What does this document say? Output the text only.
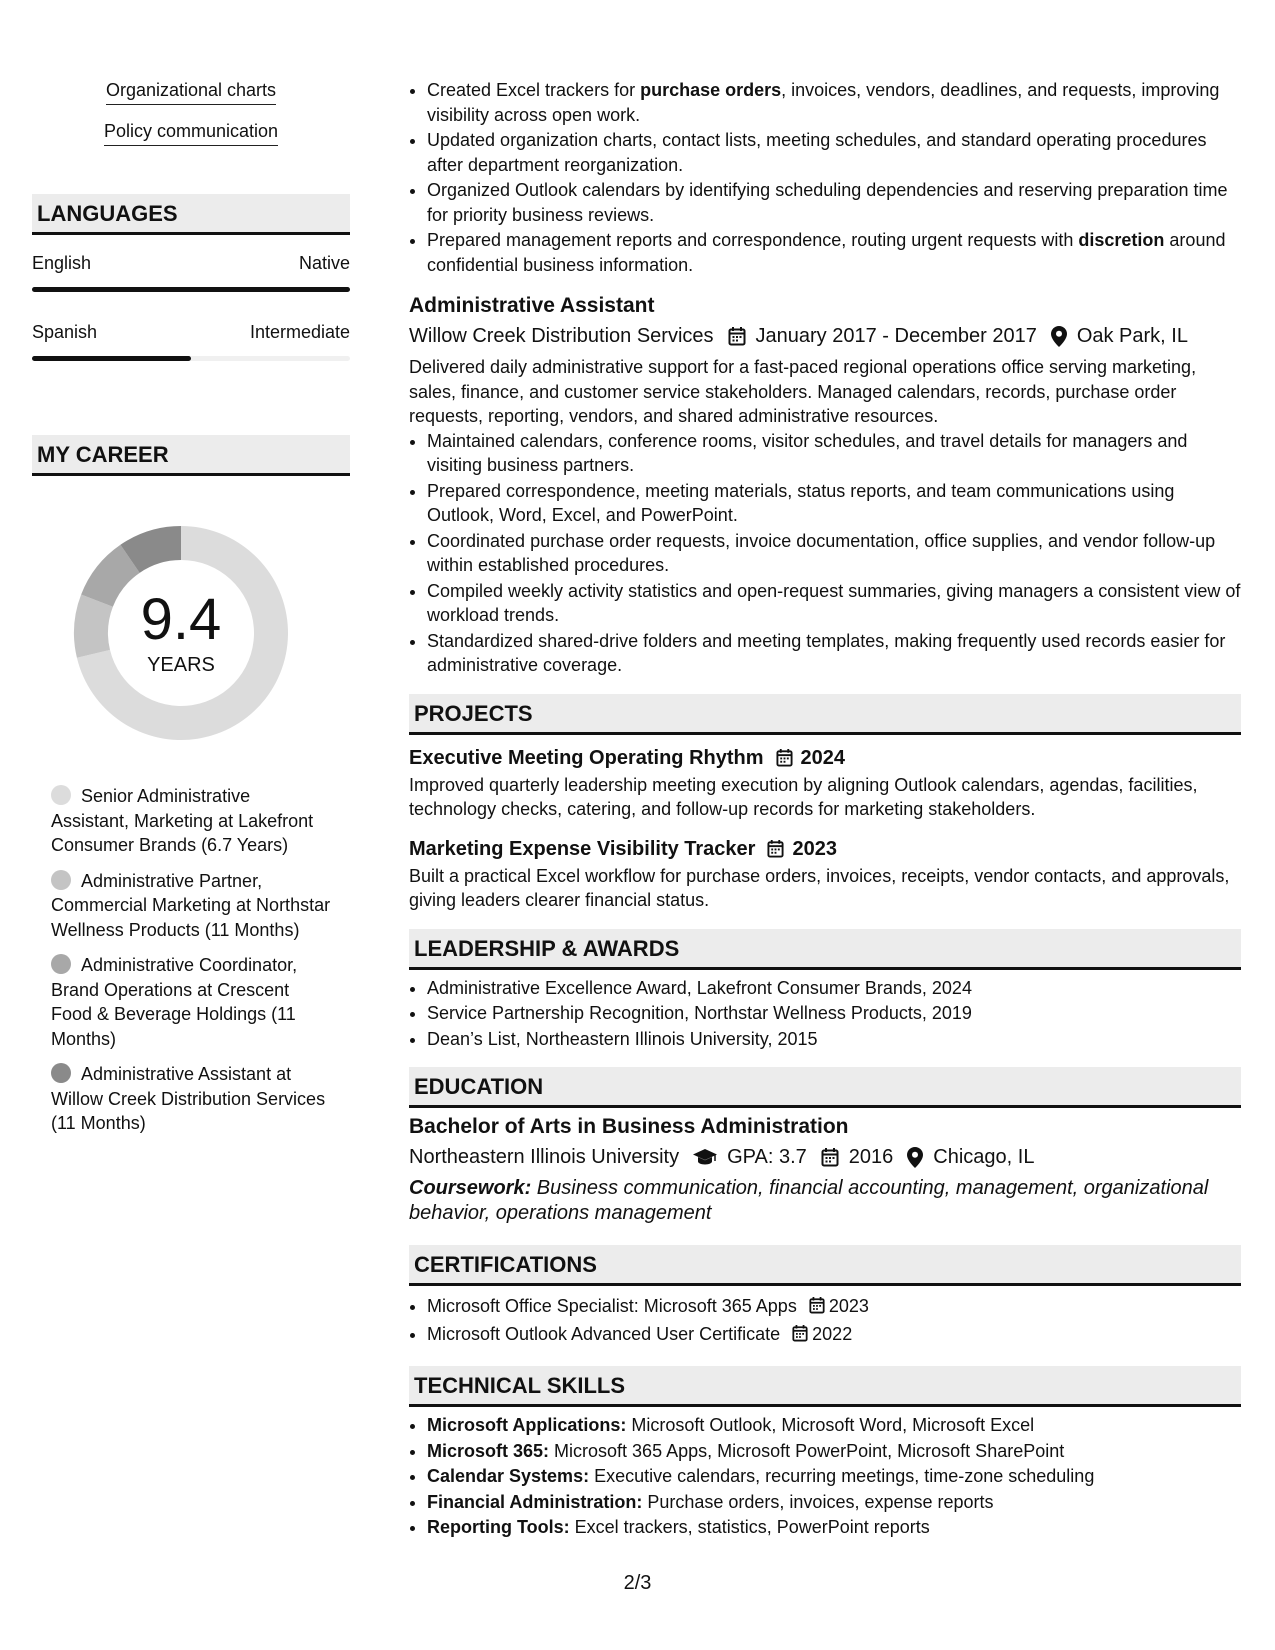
Organizational charts
Policy communication
LANGUAGES
English	Native
Spanish	Intermediate
MY CAREER
9.4
YEARS
Senior Administrative Assistant, Marketing at Lakefront Consumer Brands (6.7 Years)
Administrative Partner, Commercial Marketing at Northstar Wellness Products (11 Months)
Administrative Coordinator, Brand Operations at Crescent Food & Beverage Holdings (11 Months)
Administrative Assistant at Willow Creek Distribution Services (11 Months)
• Created Excel trackers for purchase orders, invoices, vendors, deadlines, and requests, improving visibility across open work.
• Updated organization charts, contact lists, meeting schedules, and standard operating procedures after department reorganization.
• Organized Outlook calendars by identifying scheduling dependencies and reserving preparation time for priority business reviews.
• Prepared management reports and correspondence, routing urgent requests with discretion around confidential business information.
Administrative Assistant
Willow Creek Distribution Services January 2017 - December 2017 Oak Park, IL
Delivered daily administrative support for a fast-paced regional operations office serving marketing, sales, finance, and customer service stakeholders. Managed calendars, records, purchase order requests, reporting, vendors, and shared administrative resources.
• Maintained calendars, conference rooms, visitor schedules, and travel details for managers and visiting business partners.
• Prepared correspondence, meeting materials, status reports, and team communications using Outlook, Word, Excel, and PowerPoint.
• Coordinated purchase order requests, invoice documentation, office supplies, and vendor follow-up within established procedures.
• Compiled weekly activity statistics and open-request summaries, giving managers a consistent view of workload trends.
• Standardized shared-drive folders and meeting templates, making frequently used records easier for administrative coverage.
PROJECTS
Executive Meeting Operating Rhythm 2024
Improved quarterly leadership meeting execution by aligning Outlook calendars, agendas, facilities, technology checks, catering, and follow-up records for marketing stakeholders.
Marketing Expense Visibility Tracker 2023
Built a practical Excel workflow for purchase orders, invoices, receipts, vendor contacts, and approvals, giving leaders clearer financial status.
LEADERSHIP & AWARDS
• Administrative Excellence Award, Lakefront Consumer Brands, 2024
• Service Partnership Recognition, Northstar Wellness Products, 2019
• Dean’s List, Northeastern Illinois University, 2015
EDUCATION
Bachelor of Arts in Business Administration
Northeastern Illinois University GPA: 3.7 2016 Chicago, IL
Coursework: Business communication, financial accounting, management, organizational behavior, operations management
CERTIFICATIONS
• Microsoft Office Specialist: Microsoft 365 Apps 2023
• Microsoft Outlook Advanced User Certificate 2022
TECHNICAL SKILLS
• Microsoft Applications: Microsoft Outlook, Microsoft Word, Microsoft Excel
• Microsoft 365: Microsoft 365 Apps, Microsoft PowerPoint, Microsoft SharePoint
• Calendar Systems: Executive calendars, recurring meetings, time-zone scheduling
• Financial Administration: Purchase orders, invoices, expense reports
• Reporting Tools: Excel trackers, statistics, PowerPoint reports
2/3
